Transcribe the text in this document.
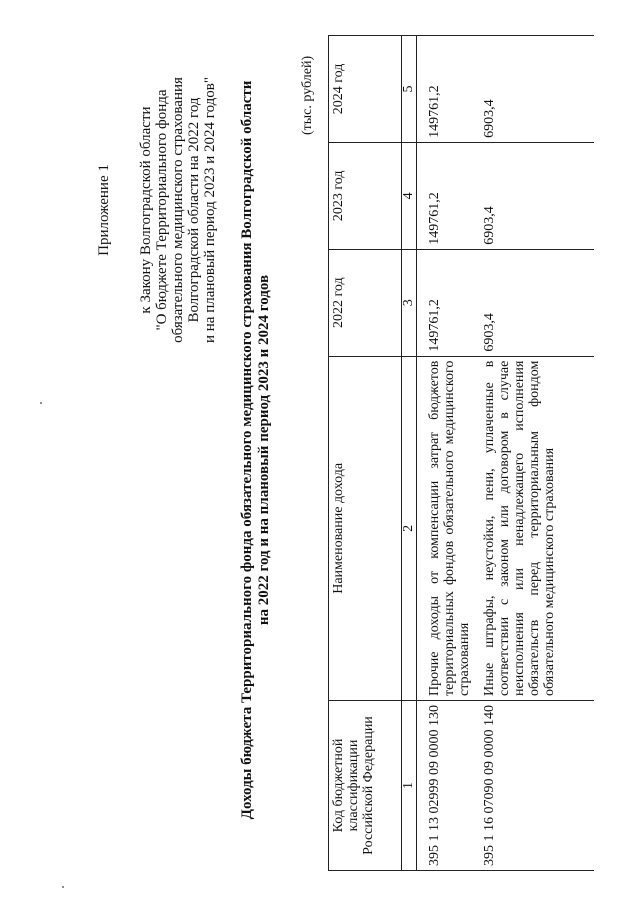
Приложение 1 к Закону Волгоградской области "О бюджете Территориального фонда обязательного медицинского страхования Волгоградской области на 2022 год и на плановый период 2023 и 2024 годов" Доходы бюджета Территориального фонда обязательного медицинского страхования Волгоградской области на 2022 год и на плановый период 2023 и 2024 годов
(тыс. рублей)
Код бюджетной классификации Российской Федерации	Наименование дохода	2022 год	2023 год	2024 год
1	2	3	4	5
395 1 13 02999 09 0000 130	Прочие доходы от компенсации затрат бюджетов территориальных фондов обязательного медицинского страхования	149761,2	149761,2	149761,2
395 1 16 07090 09 0000 140	Иные штрафы, неустойки, пени, уплаченные в соответствии с законом или договором в случае неисполнения или ненадлежащего исполнения обязательств перед территориальным фондом обязательного медицинского страхования	6903,4	6903,4	6903,4
